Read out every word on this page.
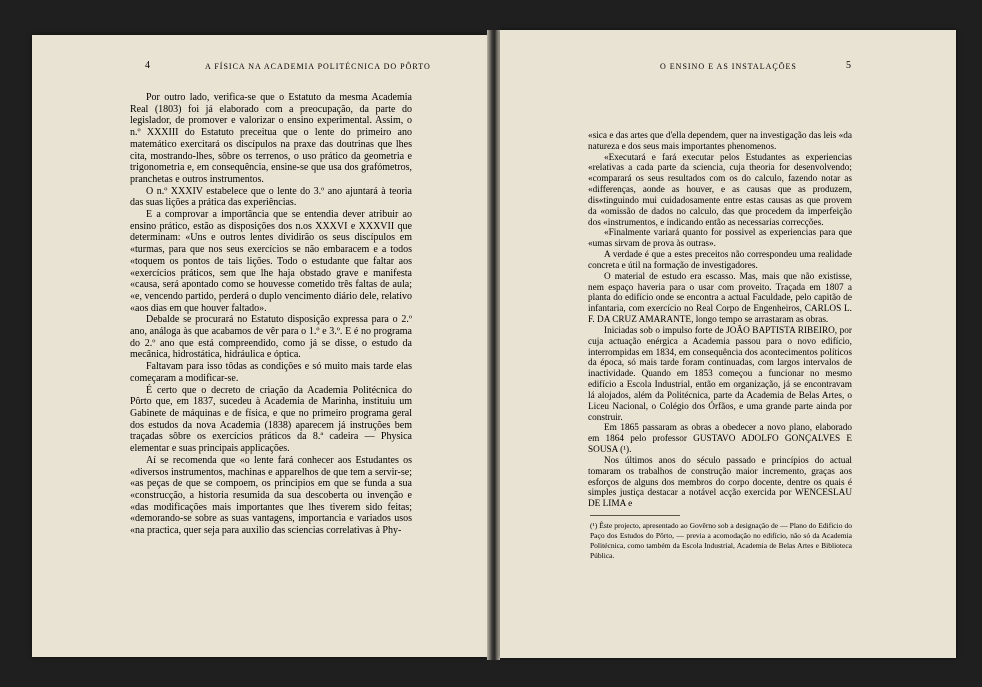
4	A FÍSICA NA ACADEMIA POLITÉCNICA DO PÔRTO

Por outro lado, verifica-se que o Estatuto da mesma Academia Real (1803) foi já elaborado com a preocupação, da parte do legislador, de promover e valorizar o ensino experimental. Assim, o n.º XXXIII do Estatuto preceitua que o lente do primeiro ano matemático exercitará os discípulos na praxe das doutrinas que lhes cita, mostrando-lhes, sôbre os terrenos, o uso prático da geometria e trigonometria e, em consequência, ensine-se que usa dos grafómetros, pranchetas e outros instrumentos.

O n.º XXXIV estabelece que o lente do 3.º ano ajuntará à teoria das suas lições a prática das experiências.

E a comprovar a importância que se entendia dever atribuir ao ensino prático, estão as disposições dos n.os XXXVI e XXXVII que determinam: «Uns e outros lentes dividirão os seus discípulos em «turmas, para que nos seus exercícios se não embaracem e a todos «toquem os pontos de tais lições. Todo o estudante que faltar aos «exercícios práticos, sem que lhe haja obstado grave e manifesta «causa, será apontado como se houvesse cometido três faltas de aula; «e, vencendo partido, perderá o duplo vencimento diário dele, relativo «aos dias em que houver faltado».

Debalde se procurará no Estatuto disposição expressa para o 2.º ano, análoga às que acabamos de vêr para o 1.º e 3.º. E é no programa do 2.º ano que está compreendido, como já se disse, o estudo da mecânica, hidrostática, hidráulica e óptica.

Faltavam para isso tôdas as condições e só muito mais tarde elas começaram a modificar-se.

É certo que o decreto de criação da Academia Politécnica do Pôrto que, em 1837, sucedeu à Academia de Marinha, instituiu um Gabinete de máquinas e de física, e que no primeiro programa geral dos estudos da nova Academia (1838) aparecem já instruções bem traçadas sôbre os exercícios práticos da 8.ª cadeira — Physica elementar e suas principais applicações.

Aí se recomenda que «o lente fará conhecer aos Estudantes os «diversos instrumentos, machinas e apparelhos de que tem a servir-se; «as peças de que se compoem, os principios em que se funda a sua «construcção, a historia resumida da sua descoberta ou invenção e «das modificações mais importantes que lhes tiverem sido feitas; «demorando-se sobre as suas vantagens, importancia e variados usos «na practica, quer seja para auxilio das sciencias correlativas à Phy-

O ENSINO E AS INSTALAÇÕES	5

«sica e das artes que d'ella dependem, quer na investigação das leis «da natureza e dos seus mais importantes phenomenos.

«Executará e fará executar pelos Estudantes as experiencias «relativas a cada parte da sciencia, cuja theoria for desenvolvendo; «comparará os seus resultados com os do calculo, fazendo notar as «differenças, aonde as houver, e as causas que as produzem, dis«tinguindo mui cuidadosamente entre estas causas as que provem da «omissão de dados no calculo, das que procedem da imperfeição dos «instrumentos, e indicando então as necessarias correcções.

«Finalmente variará quanto for possivel as experiencias para que «umas sirvam de prova às outras».

A verdade é que a estes preceitos não correspondeu uma realidade concreta e útil na formação de investigadores.

O material de estudo era escasso. Mas, mais que não existisse, nem espaço haveria para o usar com proveito. Traçada em 1807 a planta do edifício onde se encontra a actual Faculdade, pelo capitão de infantaria, com exercício no Real Corpo de Engenheiros, CARLOS L. F. DA CRUZ AMARANTE, longo tempo se arrastaram as obras.

Iniciadas sob o impulso forte de JOÃO BAPTISTA RIBEIRO, por cuja actuação enérgica a Academia passou para o novo edifício, interrompidas em 1834, em consequência dos acontecimentos políticos da época, só mais tarde foram continuadas, com largos intervalos de inactividade. Quando em 1853 começou a funcionar no mesmo edifício a Escola Industrial, então em organização, já se encontravam lá alojados, além da Politécnica, parte da Academia de Belas Artes, o Liceu Nacional, o Colégio dos Órfãos, e uma grande parte ainda por construir.

Em 1865 passaram as obras a obedecer a novo plano, elaborado em 1864 pelo professor GUSTAVO ADOLFO GONÇALVES E SOUSA (¹).

Nos últimos anos do século passado e princípios do actual tomaram os trabalhos de construção maior incremento, graças aos esforços de alguns dos membros do corpo docente, dentre os quais é simples justiça destacar a notável acção exercida por WENCESLAU DE LIMA e

(¹) Êste projecto, apresentado ao Govêrno sob a designação de — Plano do Edificio do Paço dos Estudos do Pôrto, — previa a acomodação no edifício, não só da Academia Politécnica, como também da Escola Industrial, Academia de Belas Artes e Biblioteca Pública.
